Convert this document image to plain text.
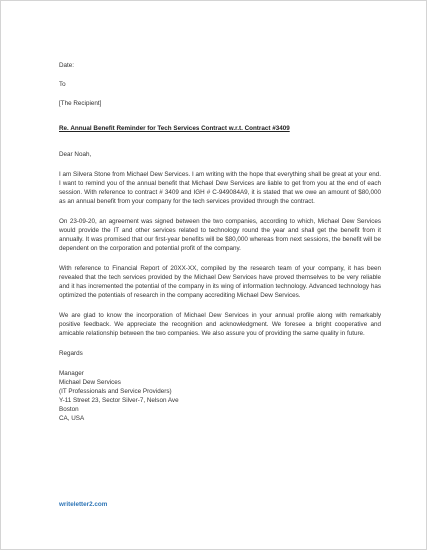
Date:

To

[The Recipient]

Re. Annual Benefit Reminder for Tech Services Contract w.r.t. Contract #3409

Dear Noah,

I am Silvera Stone from Michael Dew Services. I am writing with the hope that everything shall be great at your end. I want to remind you of the annual benefit that Michael Dew Services are liable to get from you at the end of each session. With reference to contract # 3409 and IGH # C-949084A9, it is stated that we owe an amount of $80,000 as an annual benefit from your company for the tech services provided through the contract.

On 23-09-20, an agreement was signed between the two companies, according to which, Michael Dew Services would provide the IT and other services related to technology round the year and shall get the benefit from it annually. It was promised that our first-year benefits will be $80,000 whereas from next sessions, the benefit will be dependent on the corporation and potential profit of the company.

With reference to Financial Report of 20XX-XX, compiled by the research team of your company, it has been revealed that the tech services provided by the Michael Dew Services have proved themselves to be very reliable and it has incremented the potential of the company in its wing of information technology. Advanced technology has optimized the potentials of research in the company accrediting Michael Dew Services.

We are glad to know the incorporation of Michael Dew Services in your annual profile along with remarkably positive feedback. We appreciate the recognition and acknowledgment. We foresee a bright cooperative and amicable relationship between the two companies. We also assure you of providing the same quality in future.

Regards

Manager

Michael Dew Services

(IT Professionals and Service Providers)

Y-11 Street 23, Sector Silver-7, Nelson Ave

Boston

CA, USA

writeletter2.com
